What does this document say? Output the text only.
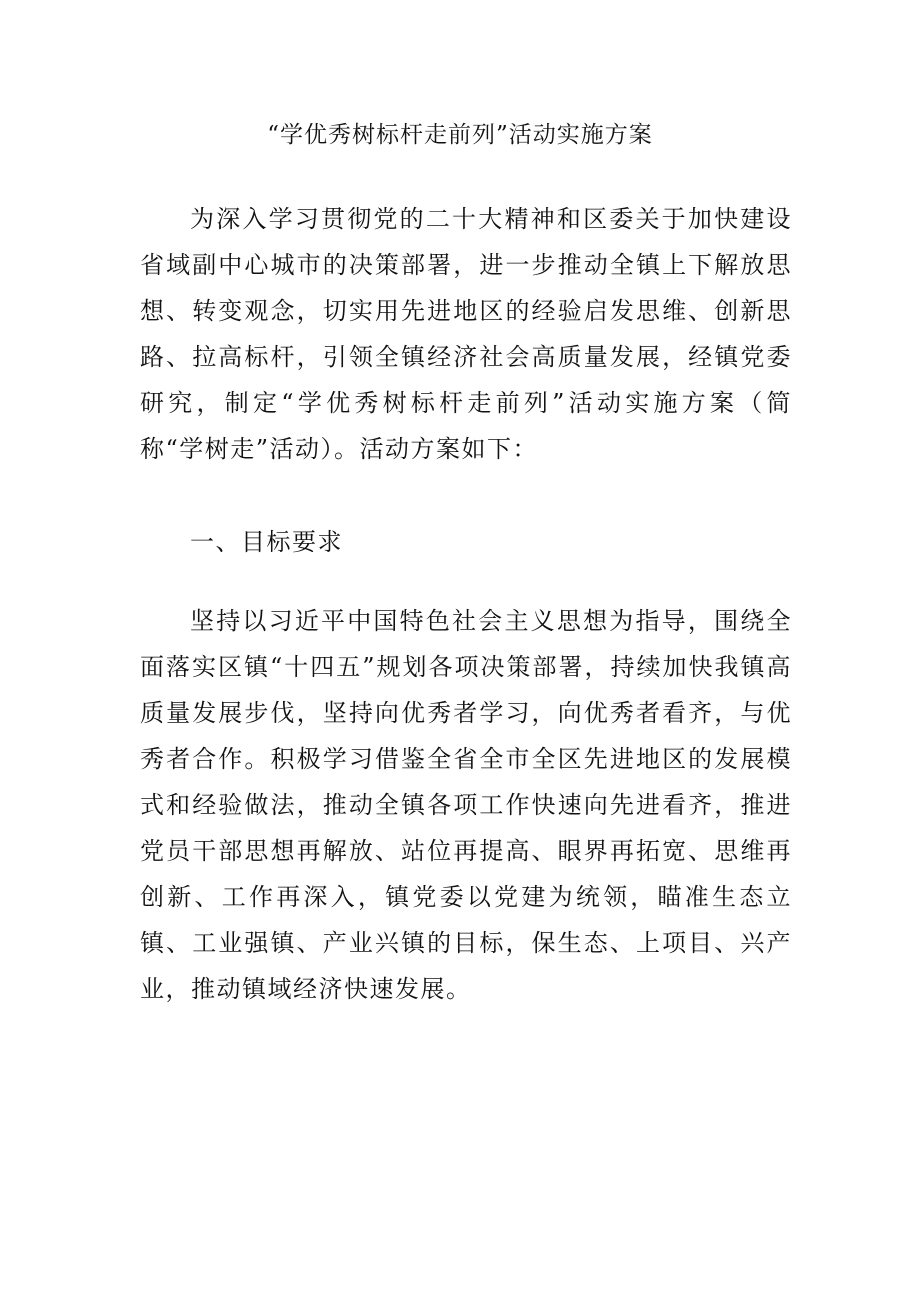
“学优秀树标杆走前列”活动实施方案

为深入学习贯彻党的二十大精神和区委关于加快建设省域副中心城市的决策部署，进一步推动全镇上下解放思想、转变观念，切实用先进地区的经验启发思维、创新思路、拉高标杆，引领全镇经济社会高质量发展，经镇党委研究，制定“学优秀树标杆走前列”活动实施方案（简称“学树走”活动）。活动方案如下：

一、目标要求

坚持以习近平中国特色社会主义思想为指导，围绕全面落实区镇“十四五”规划各项决策部署，持续加快我镇高质量发展步伐，坚持向优秀者学习，向优秀者看齐，与优秀者合作。积极学习借鉴全省全市全区先进地区的发展模式和经验做法，推动全镇各项工作快速向先进看齐，推进党员干部思想再解放、站位再提高、眼界再拓宽、思维再创新、工作再深入，镇党委以党建为统领，瞄准生态立镇、工业强镇、产业兴镇的目标，保生态、上项目、兴产业，推动镇域经济快速发展。
